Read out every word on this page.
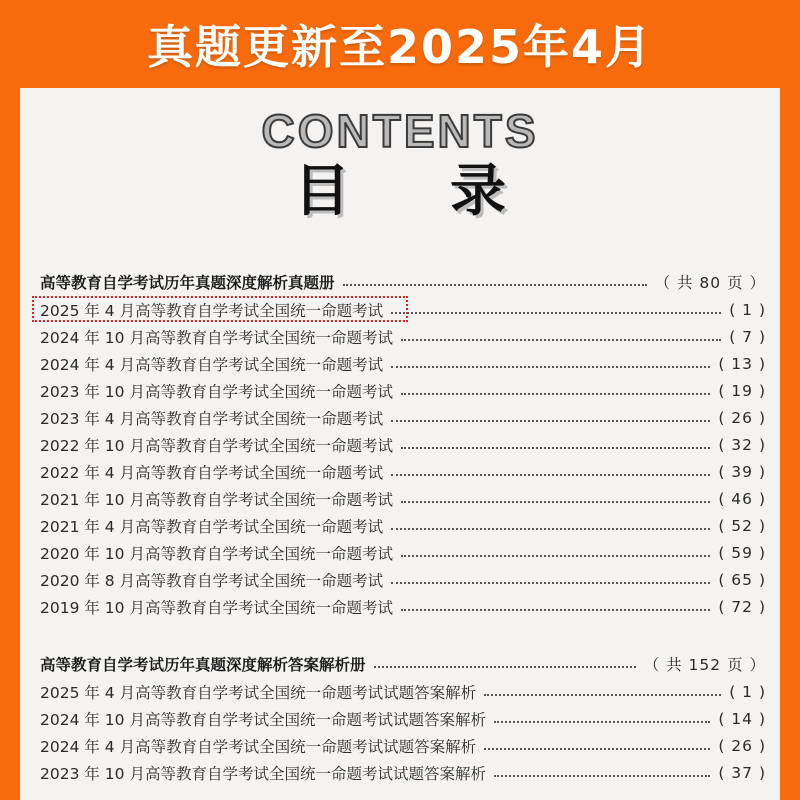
真题更新至2025年4月
CONTENTS
目 录
高等教育自学考试历年真题深度解析真题册	（ 共 80 页 ）
2025 年 4 月高等教育自学考试全国统一命题考试	( 1 )
2024 年 10 月高等教育自学考试全国统一命题考试	( 7 )
2024 年 4 月高等教育自学考试全国统一命题考试	( 13 )
2023 年 10 月高等教育自学考试全国统一命题考试	( 19 )
2023 年 4 月高等教育自学考试全国统一命题考试	( 26 )
2022 年 10 月高等教育自学考试全国统一命题考试	( 32 )
2022 年 4 月高等教育自学考试全国统一命题考试	( 39 )
2021 年 10 月高等教育自学考试全国统一命题考试	( 46 )
2021 年 4 月高等教育自学考试全国统一命题考试	( 52 )
2020 年 10 月高等教育自学考试全国统一命题考试	( 59 )
2020 年 8 月高等教育自学考试全国统一命题考试	( 65 )
2019 年 10 月高等教育自学考试全国统一命题考试	( 72 )
高等教育自学考试历年真题深度解析答案解析册	（ 共 152 页 ）
2025 年 4 月高等教育自学考试全国统一命题考试试题答案解析	( 1 )
2024 年 10 月高等教育自学考试全国统一命题考试试题答案解析	( 14 )
2024 年 4 月高等教育自学考试全国统一命题考试试题答案解析	( 26 )
2023 年 10 月高等教育自学考试全国统一命题考试试题答案解析	( 37 )
